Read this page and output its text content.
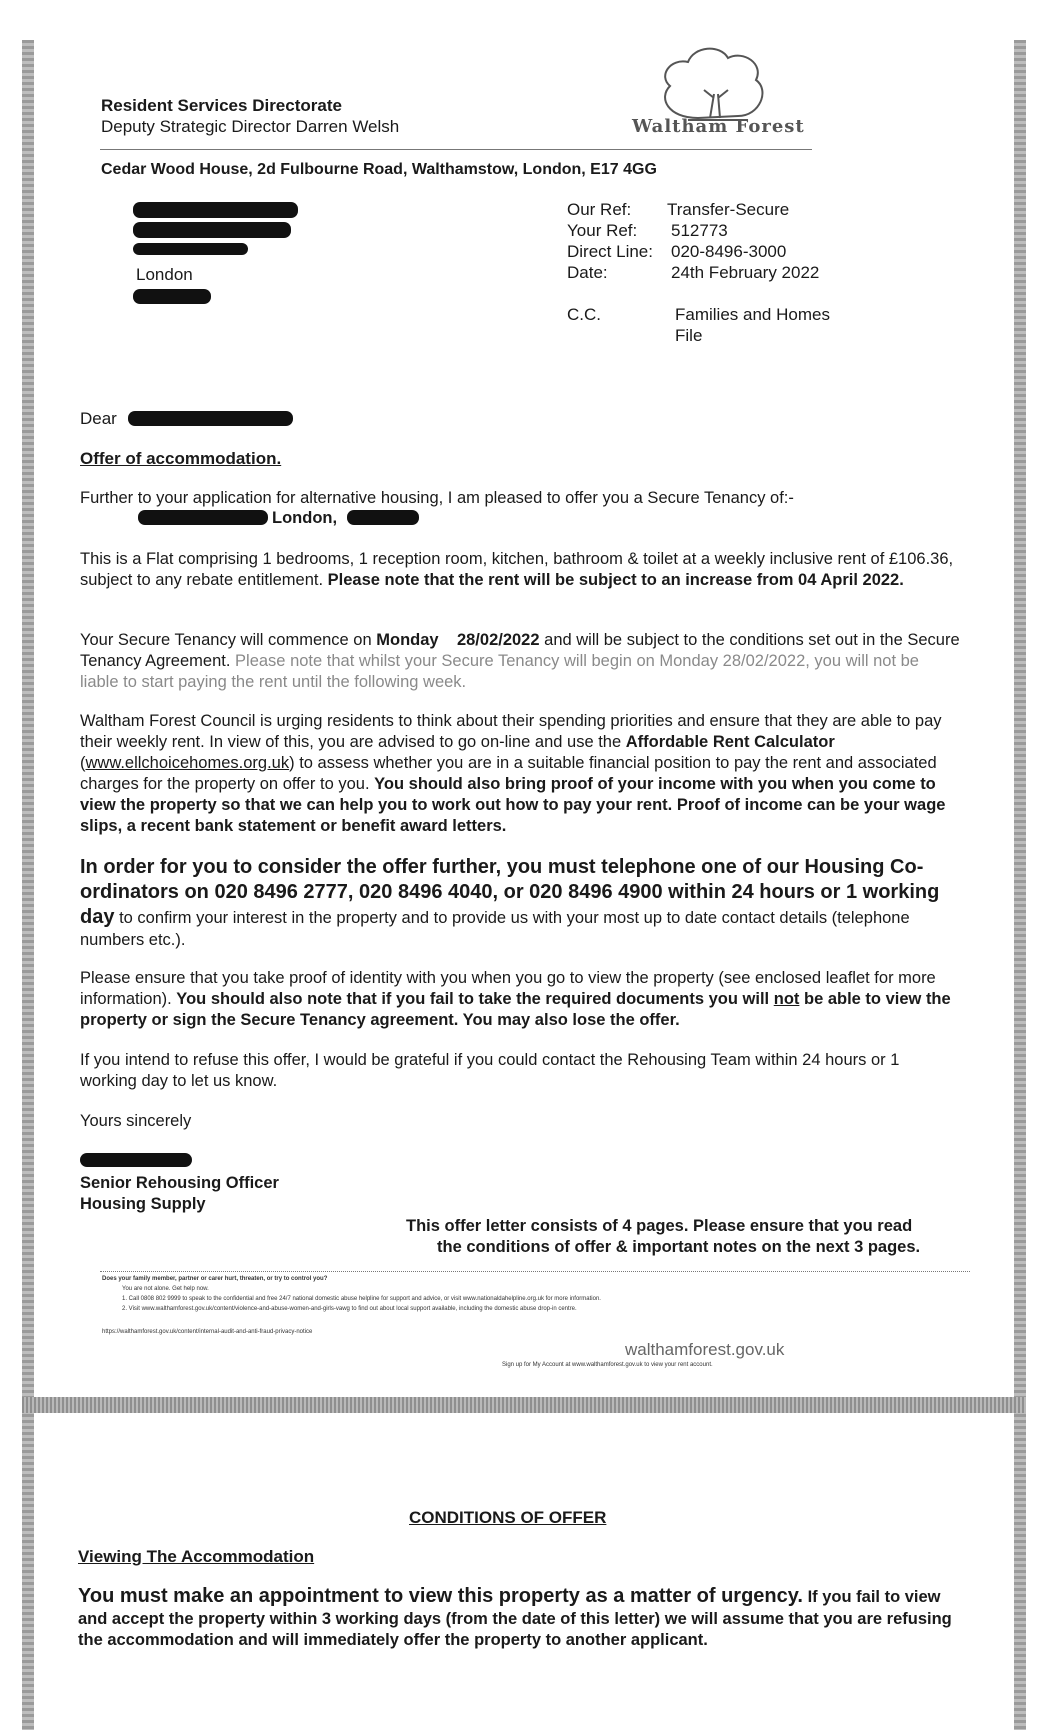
Resident Services Directorate
Deputy Strategic Director Darren Welsh	Waltham Forest
Cedar Wood House, 2d Fulbourne Road, Walthamstow, London, E17 4GG
London
Our Ref: Transfer-Secure
Your Ref: 512773
Direct Line: 020-8496-3000
Date:	24th February 2022
C.C.	Families and Homes
File
Dear
Offer of accommodation.
Further to your application for alternative housing, I am pleased to offer you a Secure Tenancy of:-
London,
This is a Flat comprising 1 bedrooms, 1 reception room, kitchen, bathroom & toilet at a weekly inclusive rent of £106.36, subject to any rebate entitlement. Please note that the rent will be subject to an increase from 04 April 2022.
Your Secure Tenancy will commence on Monday 28/02/2022 and will be subject to the conditions set out in the Secure Tenancy Agreement. Please note that whilst your Secure Tenancy will begin on Monday 28/02/2022, you will not be liable to start paying the rent until the following week.
Waltham Forest Council is urging residents to think about their spending priorities and ensure that they are able to pay their weekly rent. In view of this, you are advised to go on-line and use the Affordable Rent Calculator (www.ellchoicehomes.org.uk) to assess whether you are in a suitable financial position to pay the rent and associated charges for the property on offer to you. You should also bring proof of your income with you when you come to view the property so that we can help you to work out how to pay your rent. Proof of income can be your wage slips, a recent bank statement or benefit award letters.
In order for you to consider the offer further, you must telephone one of our Housing Co-ordinators on 020 8496 2777, 020 8496 4040, or 020 8496 4900 within 24 hours or 1 working day to confirm your interest in the property and to provide us with your most up to date contact details (telephone numbers etc.).
Please ensure that you take proof of identity with you when you go to view the property (see enclosed leaflet for more information). You should also note that if you fail to take the required documents you will not be able to view the property or sign the Secure Tenancy agreement. You may also lose the offer.
If you intend to refuse this offer, I would be grateful if you could contact the Rehousing Team within 24 hours or 1 working day to let us know.
Yours sincerely
Senior Rehousing Officer
Housing Supply
This offer letter consists of 4 pages. Please ensure that you read
the conditions of offer & important notes on the next 3 pages.
Does your family member, partner or carer hurt, threaten, or try to control you?
You are not alone. Get help now.
1. Call 0808 802 9999 to speak to the confidential and free 24/7 national domestic abuse helpline for support and advice, or visit www.nationaldahelpline.org.uk for more information.
2. Visit www.walthamforest.gov.uk/content/violence-and-abuse-women-and-girls-vawg to find out about local support available, including the domestic abuse drop-in centre.
https://walthamforest.gov.uk/content/internal-audit-and-anti-fraud-privacy-notice
walthamforest.gov.uk
Sign up for My Account at www.walthamforest.gov.uk to view your rent account.
CONDITIONS OF OFFER
Viewing The Accommodation
You must make an appointment to view this property as a matter of urgency. If you fail to view and accept the property within 3 working days (from the date of this letter) we will assume that you are refusing the accommodation and will immediately offer the property to another applicant.
